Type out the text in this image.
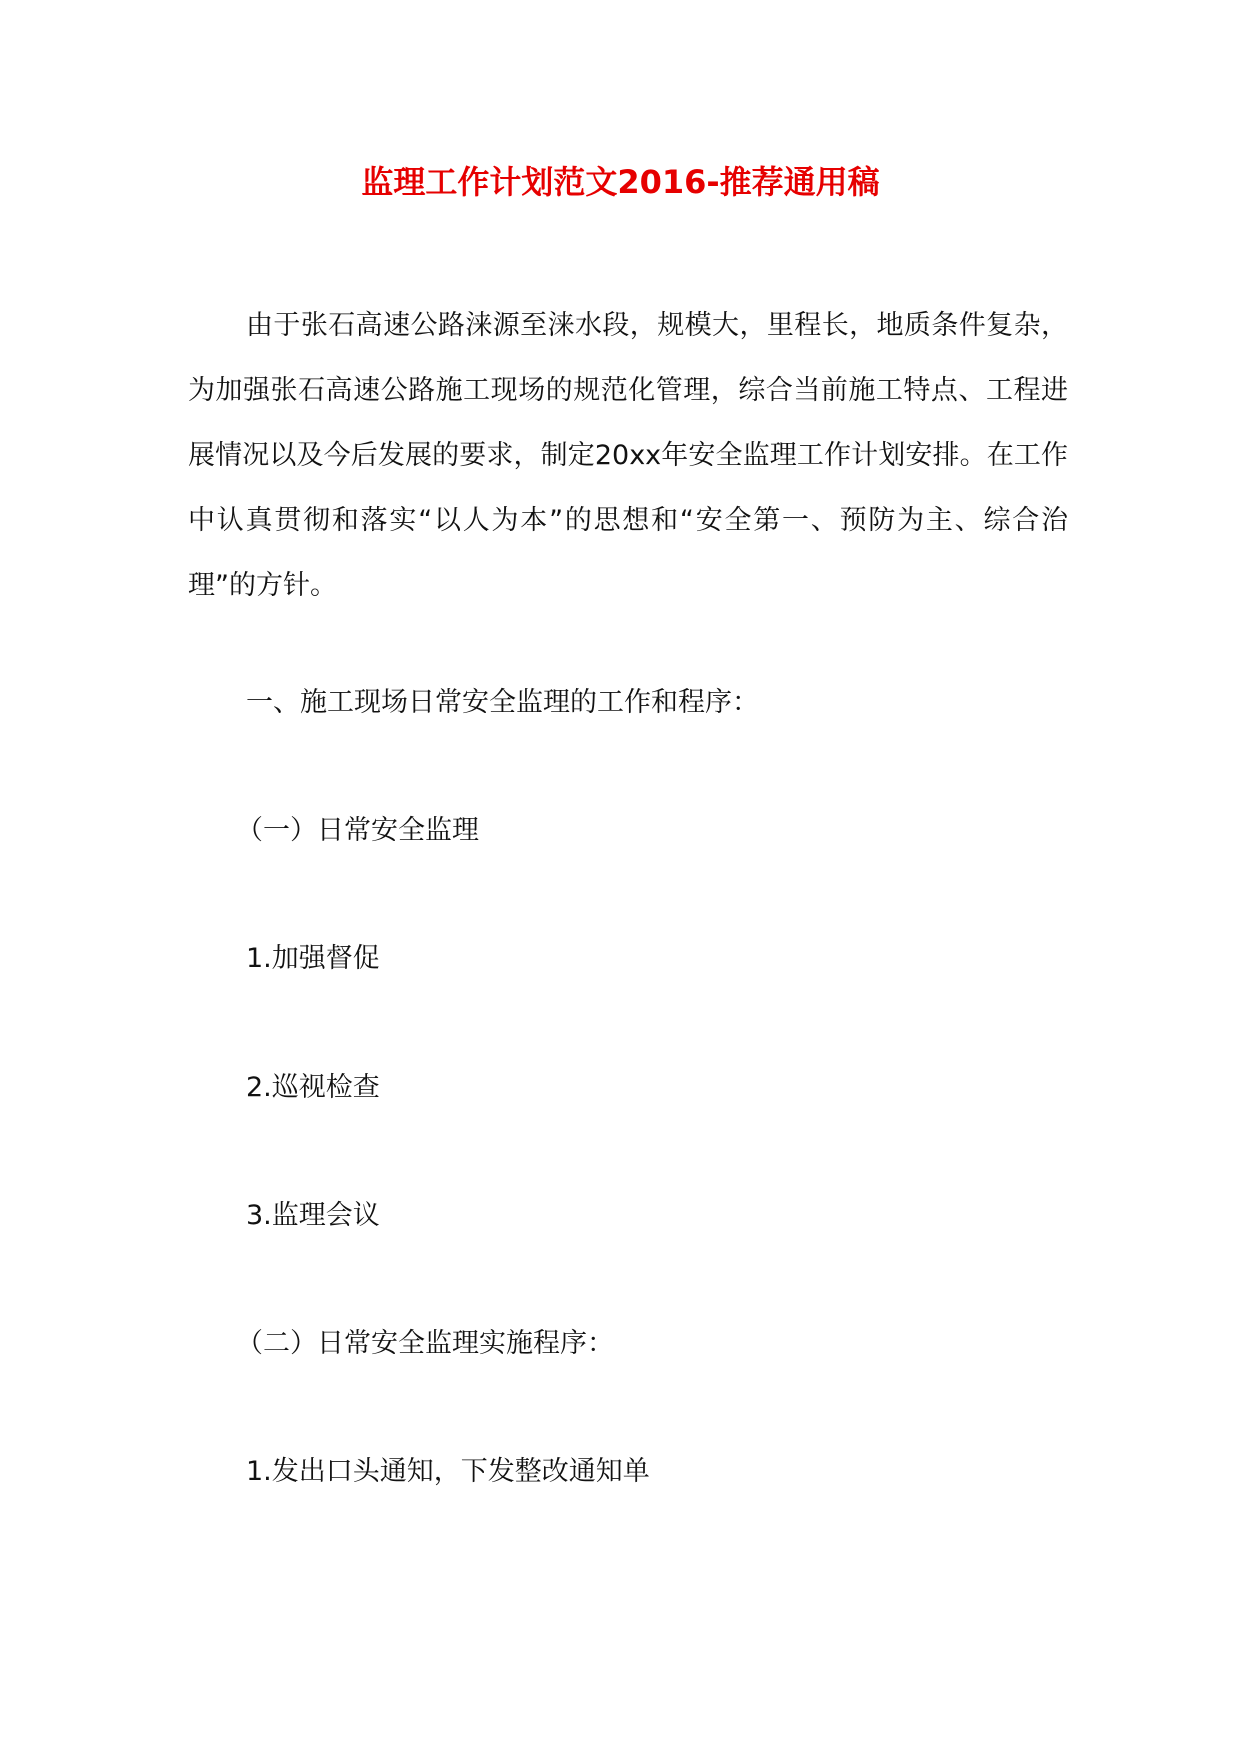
监理工作计划范文2016-推荐通用稿

由于张石高速公路涞源至涞水段，规模大，里程长，地质条件复杂，为加强张石高速公路施工现场的规范化管理，综合当前施工特点、工程进展情况以及今后发展的要求，制定20xx年安全监理工作计划安排。在工作中认真贯彻和落实“以人为本”的思想和“安全第一、预防为主、综合治理”的方针。

一、施工现场日常安全监理的工作和程序：

（一）日常安全监理

1.加强督促

2.巡视检查

3.监理会议

（二）日常安全监理实施程序：

1.发出口头通知，下发整改通知单
